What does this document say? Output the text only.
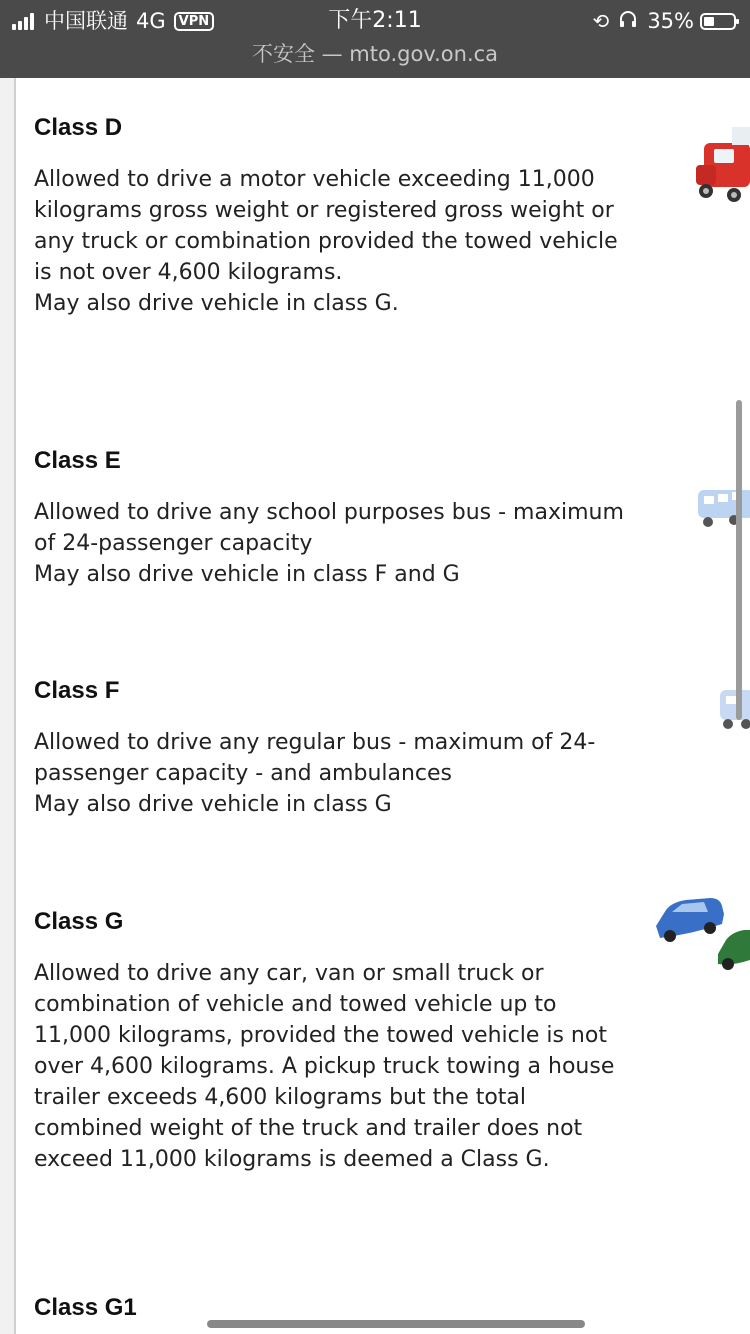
中国联通 4G	VPN	下午2:11	⟲ 35%
不安全 — mto.gov.on.ca
Class D

Allowed to drive a motor vehicle exceeding 11,000 kilograms gross weight or registered gross weight or any truck or combination provided the towed vehicle is not over 4,600 kilograms.
May also drive vehicle in class G.

Class E

Allowed to drive any school purposes bus - maximum of 24-passenger capacity
May also drive vehicle in class F and G

Class F

Allowed to drive any regular bus - maximum of 24-passenger capacity - and ambulances
May also drive vehicle in class G

Class G

Allowed to drive any car, van or small truck or combination of vehicle and towed vehicle up to 11,000 kilograms, provided the towed vehicle is not over 4,600 kilograms. A pickup truck towing a house trailer exceeds 4,600 kilograms but the total combined weight of the truck and trailer does not exceed 11,000 kilograms is deemed a Class G.

Class G1
